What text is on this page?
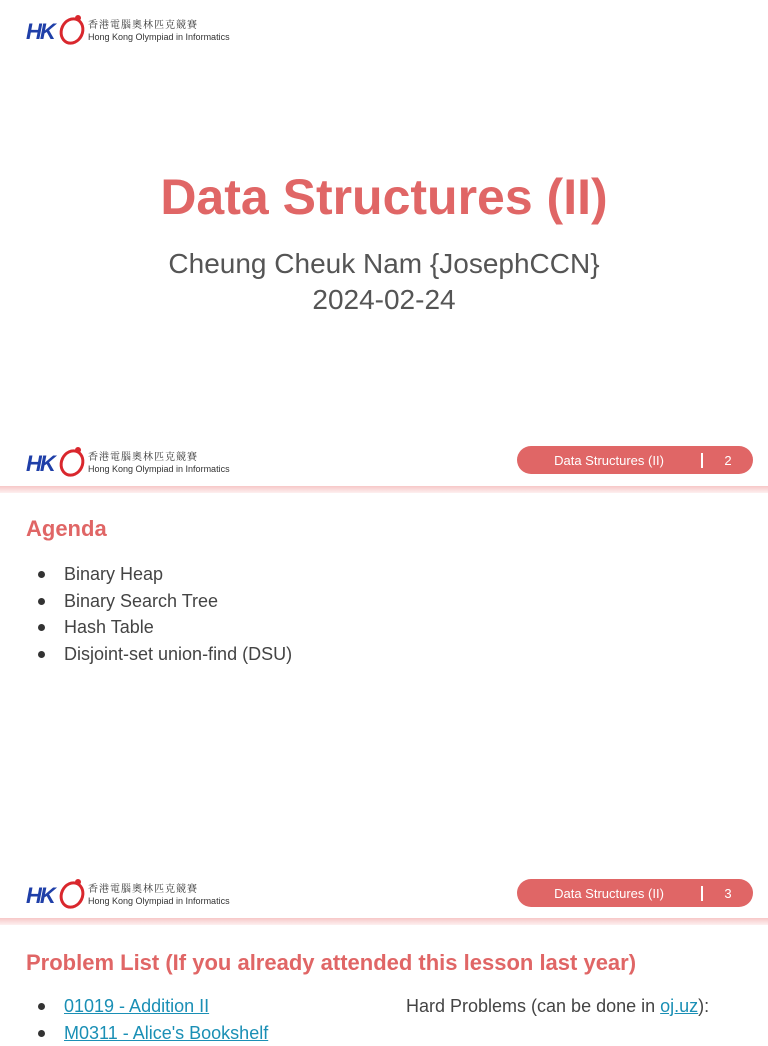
HK	香港電腦奧林匹克競賽
Hong Kong Olympiad in Informatics
Data Structures (II)
Cheung Cheuk Nam {JosephCCN}
2024-02-24
HK	香港電腦奧林匹克競賽
Hong Kong Olympiad in Informatics
Data Structures (II)	2
Agenda
Binary Heap
Binary Search Tree
Hash Table
Disjoint-set union-find (DSU)
HK	香港電腦奧林匹克競賽
Hong Kong Olympiad in Informatics
Data Structures (II)	3
Problem List (If you already attended this lesson last year)
01019 - Addition II
M0311 - Alice's Bookshelf
Hard Problems (can be done in oj.uz):
